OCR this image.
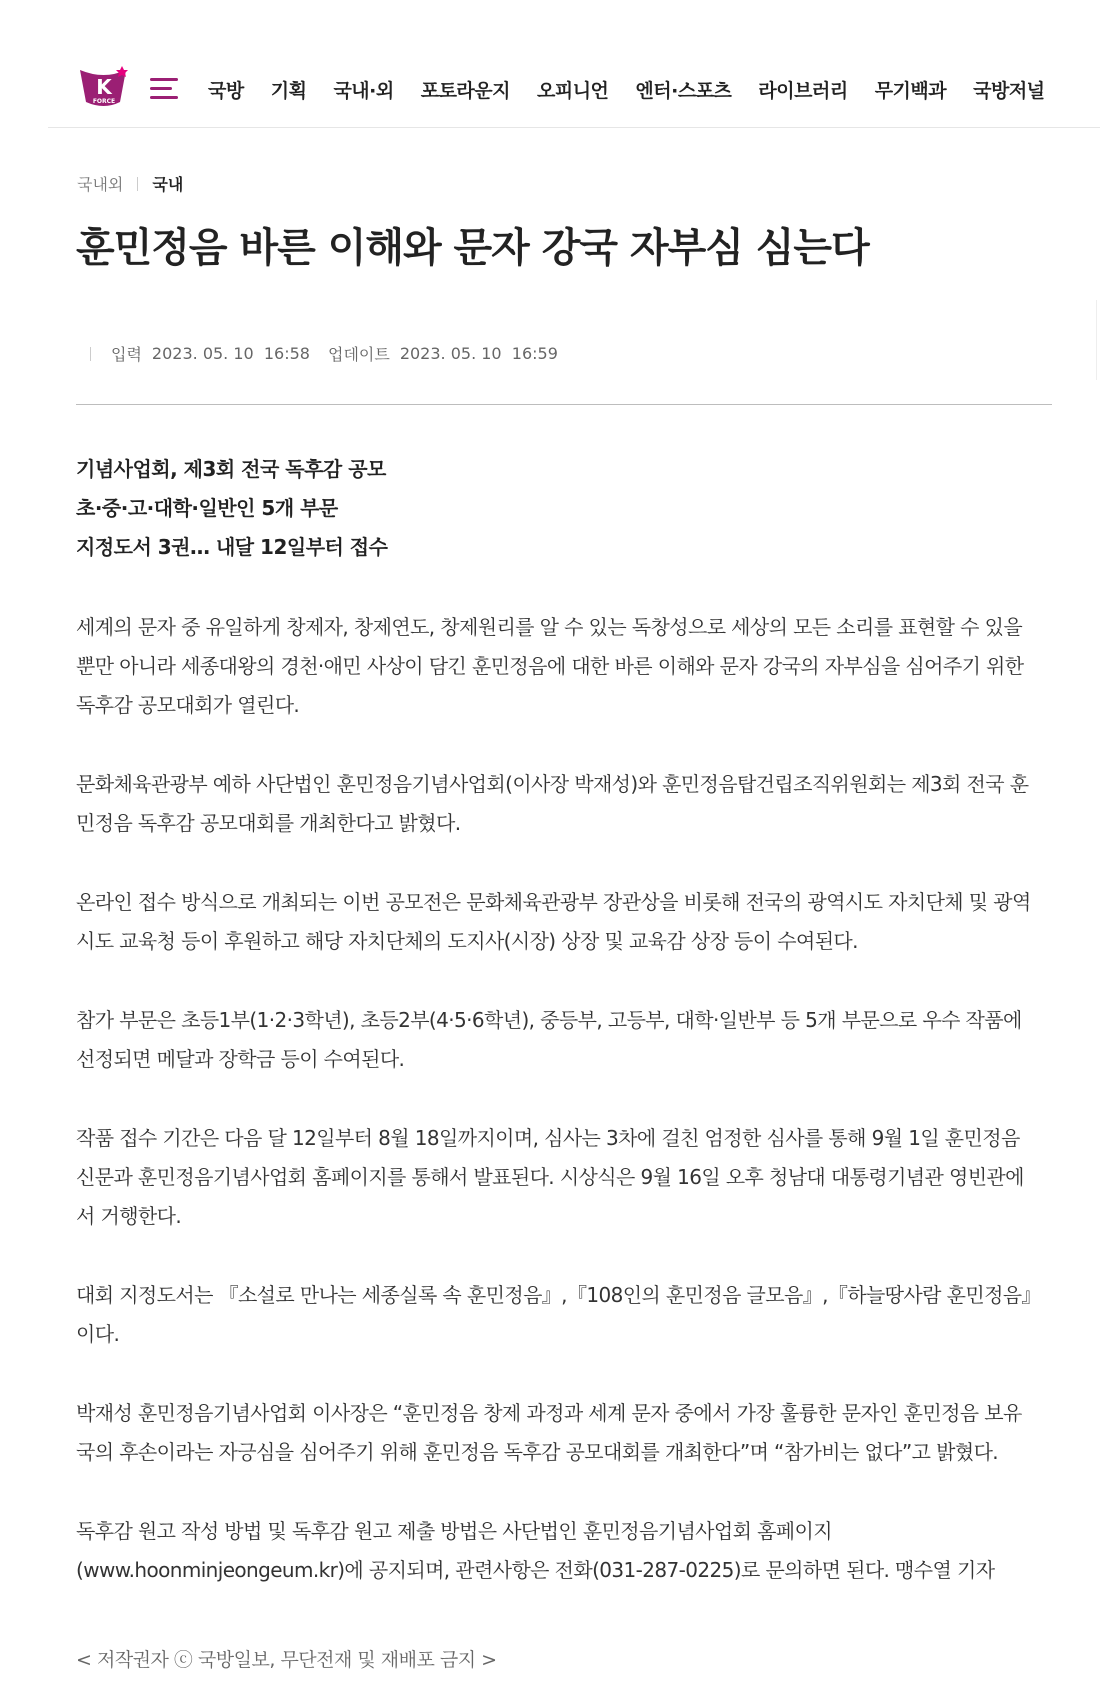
K
FORCE	국방 기획 국내·외 포토라운지 오피니언 엔터·스포츠 라이브러리 무기백과 국방저널
국내외 국내
훈민정음 바른 이해와 문자 강국 자부심 심는다
입력 2023. 05. 10  16:58 업데이트 2023. 05. 10  16:59
기념사업회, 제3회 전국 독후감 공모
초·중·고·대학·일반인 5개 부문
지정도서 3권… 내달 12일부터 접수

세계의 문자 중 유일하게 창제자, 창제연도, 창제원리를 알 수 있는 독창성으로 세상의 모든 소리를 표현할 수 있을 뿐만 아니라 세종대왕의 경천·애민 사상이 담긴 훈민정음에 대한 바른 이해와 문자 강국의 자부심을 심어주기 위한 독후감 공모대회가 열린다.

문화체육관광부 예하 사단법인 훈민정음기념사업회(이사장 박재성)와 훈민정음탑건립조직위원회는 제3회 전국 훈민정음 독후감 공모대회를 개최한다고 밝혔다.

온라인 접수 방식으로 개최되는 이번 공모전은 문화체육관광부 장관상을 비롯해 전국의 광역시도 자치단체 및 광역시도 교육청 등이 후원하고 해당 자치단체의 도지사(시장) 상장 및 교육감 상장 등이 수여된다.

참가 부문은 초등1부(1·2·3학년), 초등2부(4·5·6학년), 중등부, 고등부, 대학·일반부 등 5개 부문으로 우수 작품에 선정되면 메달과 장학금 등이 수여된다.

작품 접수 기간은 다음 달 12일부터 8월 18일까지이며, 심사는 3차에 걸친 엄정한 심사를 통해 9월 1일 훈민정음 신문과 훈민정음기념사업회 홈페이지를 통해서 발표된다. 시상식은 9월 16일 오후 청남대 대통령기념관 영빈관에서 거행한다.

대회 지정도서는 『소설로 만나는 세종실록 속 훈민정음』,『108인의 훈민정음 글모음』,『하늘땅사람 훈민정음』이다.

박재성 훈민정음기념사업회 이사장은 “훈민정음 창제 과정과 세계 문자 중에서 가장 훌륭한 문자인 훈민정음 보유국의 후손이라는 자긍심을 심어주기 위해 훈민정음 독후감 공모대회를 개최한다”며 “참가비는 없다”고 밝혔다.

독후감 원고 작성 방법 및 독후감 원고 제출 방법은 사단법인 훈민정음기념사업회 홈페이지(www.hoonminjeongeum.kr)에 공지되며, 관련사항은 전화(031-287-0225)로 문의하면 된다. 맹수열 기자

< 저작권자 ⓒ 국방일보, 무단전재 및 재배포 금지 >
